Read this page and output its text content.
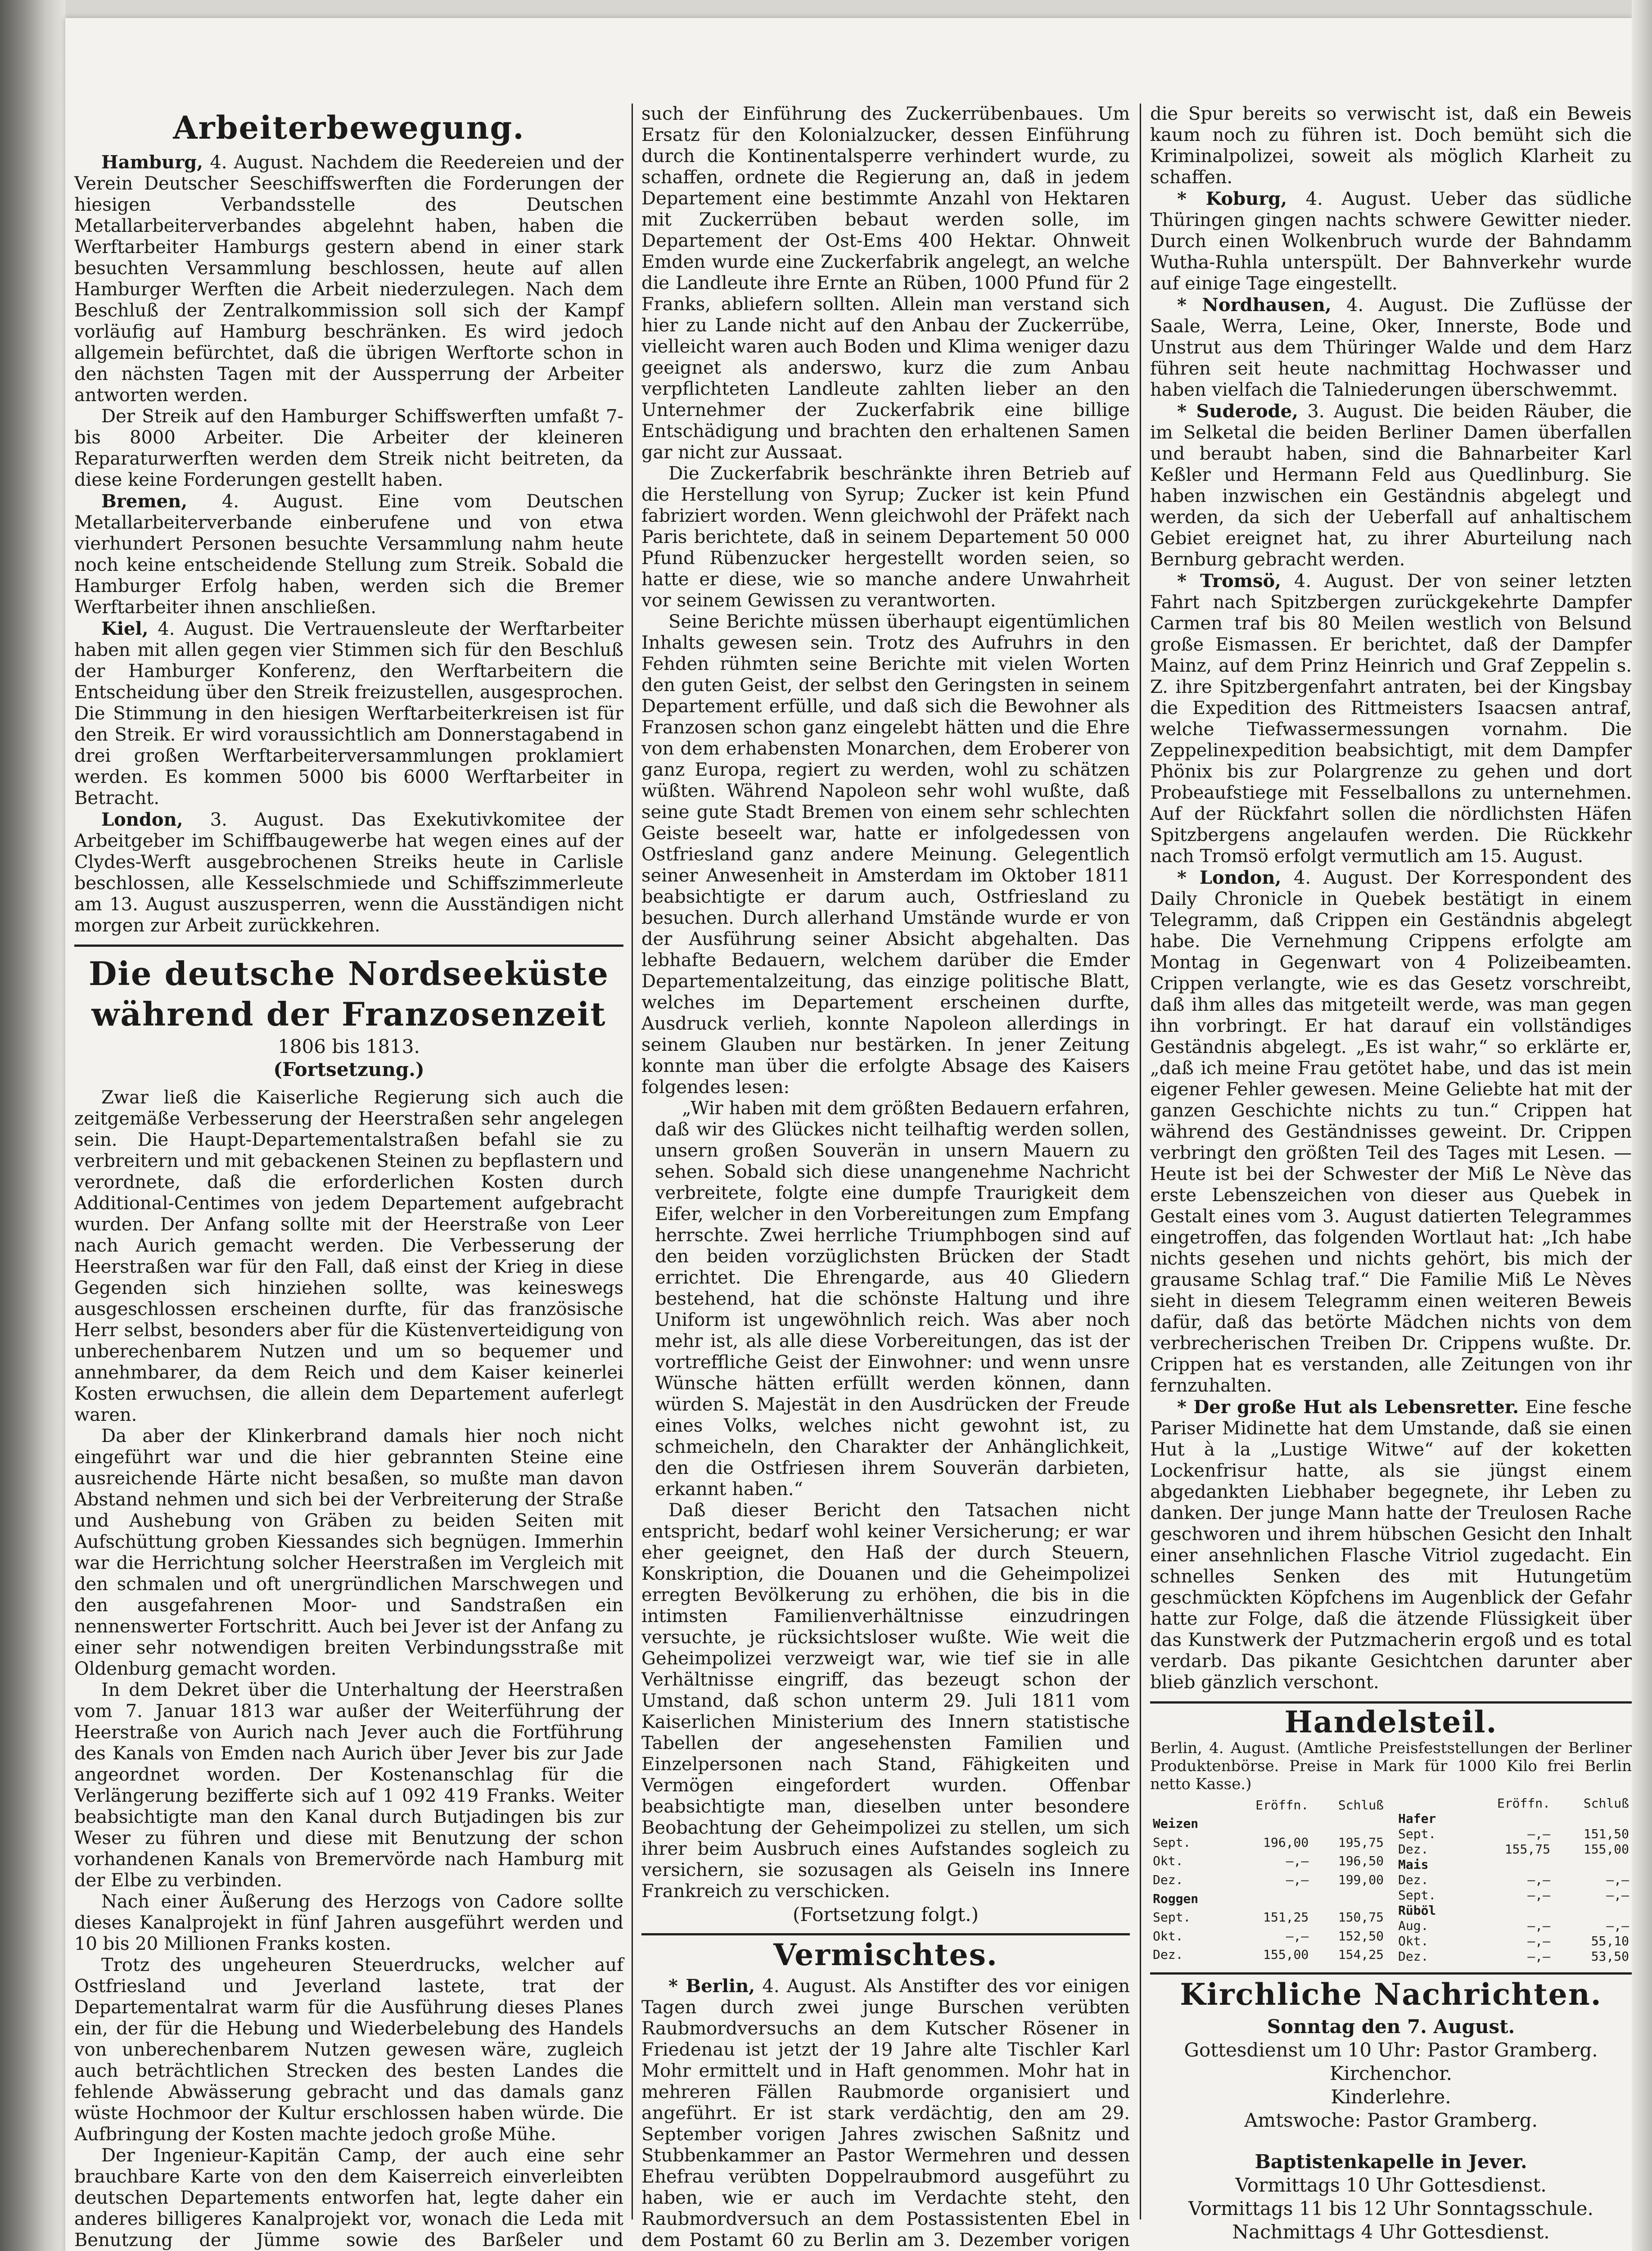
Arbeiterbewegung.

Hamburg, 4. August. Nachdem die Reedereien und der Verein Deutscher Seeschiffswerften die Forderungen der hiesigen Verbandsstelle des Deutschen Metallarbeiterverbandes abgelehnt haben, haben die Werftarbeiter Hamburgs gestern abend in einer stark besuchten Versammlung beschlossen, heute auf allen Hamburger Werften die Arbeit niederzulegen. Nach dem Beschluß der Zentralkommission soll sich der Kampf vorläufig auf Hamburg beschränken. Es wird jedoch allgemein befürchtet, daß die übrigen Werftorte schon in den nächsten Tagen mit der Aussperrung der Arbeiter antworten werden.

Der Streik auf den Hamburger Schiffswerften umfaßt 7- bis 8000 Arbeiter. Die Arbeiter der kleineren Reparaturwerften werden dem Streik nicht beitreten, da diese keine Forderungen gestellt haben.

Bremen, 4. August. Eine vom Deutschen Metallarbeiterverbande einberufene und von etwa vierhundert Personen besuchte Versammlung nahm heute noch keine entscheidende Stellung zum Streik. Sobald die Hamburger Erfolg haben, werden sich die Bremer Werftarbeiter ihnen anschließen.

Kiel, 4. August. Die Vertrauensleute der Werftarbeiter haben mit allen gegen vier Stimmen sich für den Beschluß der Hamburger Konferenz, den Werftarbeitern die Entscheidung über den Streik freizustellen, ausgesprochen. Die Stimmung in den hiesigen Werftarbeiterkreisen ist für den Streik. Er wird voraussichtlich am Donnerstagabend in drei großen Werftarbeiterversammlungen proklamiert werden. Es kommen 5000 bis 6000 Werftarbeiter in Betracht.

London, 3. August. Das Exekutivkomitee der Arbeitgeber im Schiffbaugewerbe hat wegen eines auf der Clydes-Werft ausgebrochenen Streiks heute in Carlisle beschlossen, alle Kesselschmiede und Schiffszimmerleute am 13. August auszusperren, wenn die Ausständigen nicht morgen zur Arbeit zurückkehren.

Die deutsche Nordseeküste
während der Franzosenzeit
1806 bis 1813.
(Fortsetzung.)

Zwar ließ die Kaiserliche Regierung sich auch die zeitgemäße Verbesserung der Heerstraßen sehr angelegen sein. Die Haupt-Departementalstraßen befahl sie zu verbreitern und mit gebackenen Steinen zu bepflastern und verordnete, daß die erforderlichen Kosten durch Additional-Centimes von jedem Departement aufgebracht wurden. Der Anfang sollte mit der Heerstraße von Leer nach Aurich gemacht werden. Die Verbesserung der Heerstraßen war für den Fall, daß einst der Krieg in diese Gegenden sich hinziehen sollte, was keineswegs ausgeschlossen erscheinen durfte, für das französische Herr selbst, besonders aber für die Küstenverteidigung von unberechenbarem Nutzen und um so bequemer und annehmbarer, da dem Reich und dem Kaiser keinerlei Kosten erwuchsen, die allein dem Departement auferlegt waren.

Da aber der Klinkerbrand damals hier noch nicht eingeführt war und die hier gebrannten Steine eine ausreichende Härte nicht besaßen, so mußte man davon Abstand nehmen und sich bei der Verbreiterung der Straße und Aushebung von Gräben zu beiden Seiten mit Aufschüttung groben Kiessandes sich begnügen. Immerhin war die Herrichtung solcher Heerstraßen im Vergleich mit den schmalen und oft unergründlichen Marschwegen und den ausgefahrenen Moor- und Sandstraßen ein nennenswerter Fortschritt. Auch bei Jever ist der Anfang zu einer sehr notwendigen breiten Verbindungsstraße mit Oldenburg gemacht worden.

In dem Dekret über die Unterhaltung der Heerstraßen vom 7. Januar 1813 war außer der Weiterführung der Heerstraße von Aurich nach Jever auch die Fortführung des Kanals von Emden nach Aurich über Jever bis zur Jade angeordnet worden. Der Kostenanschlag für die Verlängerung bezifferte sich auf 1 092 419 Franks. Weiter beabsichtigte man den Kanal durch Butjadingen bis zur Weser zu führen und diese mit Benutzung der schon vorhandenen Kanals von Bremervörde nach Hamburg mit der Elbe zu verbinden.

Nach einer Äußerung des Herzogs von Cadore sollte dieses Kanalprojekt in fünf Jahren ausgeführt werden und 10 bis 20 Millionen Franks kosten.

Trotz des ungeheuren Steuerdrucks, welcher auf Ostfriesland und Jeverland lastete, trat der Departementalrat warm für die Ausführung dieses Planes ein, der für die Hebung und Wiederbelebung des Handels von unberechenbarem Nutzen gewesen wäre, zugleich auch beträchtlichen Strecken des besten Landes die fehlende Abwässerung gebracht und das damals ganz wüste Hochmoor der Kultur erschlossen haben würde. Die Aufbringung der Kosten machte jedoch große Mühe.

Der Ingenieur-Kapitän Camp, der auch eine sehr brauchbare Karte von den dem Kaiserreich einverleibten deutschen Departements entworfen hat, legte daher ein anderes billigeres Kanalprojekt vor, wonach die Leda mit Benutzung der Jümme sowie des Barßeler und

such der Einführung des Zuckerrübenbaues. Um Ersatz für den Kolonialzucker, dessen Einführung durch die Kontinentalsperre verhindert wurde, zu schaffen, ordnete die Regierung an, daß in jedem Departement eine bestimmte Anzahl von Hektaren mit Zuckerrüben bebaut werden solle, im Departement der Ost-Ems 400 Hektar. Ohnweit Emden wurde eine Zuckerfabrik angelegt, an welche die Landleute ihre Ernte an Rüben, 1000 Pfund für 2 Franks, abliefern sollten. Allein man verstand sich hier zu Lande nicht auf den Anbau der Zuckerrübe, vielleicht waren auch Boden und Klima weniger dazu geeignet als anderswo, kurz die zum Anbau verpflichteten Landleute zahlten lieber an den Unternehmer der Zuckerfabrik eine billige Entschädigung und brachten den erhaltenen Samen gar nicht zur Aussaat.

Die Zuckerfabrik beschränkte ihren Betrieb auf die Herstellung von Syrup; Zucker ist kein Pfund fabriziert worden. Wenn gleichwohl der Präfekt nach Paris berichtete, daß in seinem Departement 50 000 Pfund Rübenzucker hergestellt worden seien, so hatte er diese, wie so manche andere Unwahrheit vor seinem Gewissen zu verantworten.

Seine Berichte müssen überhaupt eigentümlichen Inhalts gewesen sein. Trotz des Aufruhrs in den Fehden rühmten seine Berichte mit vielen Worten den guten Geist, der selbst den Geringsten in seinem Departement erfülle, und daß sich die Bewohner als Franzosen schon ganz eingelebt hätten und die Ehre von dem erhabensten Monarchen, dem Eroberer von ganz Europa, regiert zu werden, wohl zu schätzen wüßten. Während Napoleon sehr wohl wußte, daß seine gute Stadt Bremen von einem sehr schlechten Geiste beseelt war, hatte er infolgedessen von Ostfriesland ganz andere Meinung. Gelegentlich seiner Anwesenheit in Amsterdam im Oktober 1811 beabsichtigte er darum auch, Ostfriesland zu besuchen. Durch allerhand Umstände wurde er von der Ausführung seiner Absicht abgehalten. Das lebhafte Bedauern, welchem darüber die Emder Departementalzeitung, das einzige politische Blatt, welches im Departement erscheinen durfte, Ausdruck verlieh, konnte Napoleon allerdings in seinem Glauben nur bestärken. In jener Zeitung konnte man über die erfolgte Absage des Kaisers folgendes lesen:

„Wir haben mit dem größten Bedauern erfahren, daß wir des Glückes nicht teilhaftig werden sollen, unsern großen Souverän in unsern Mauern zu sehen. Sobald sich diese unangenehme Nachricht verbreitete, folgte eine dumpfe Traurigkeit dem Eifer, welcher in den Vorbereitungen zum Empfang herrschte. Zwei herrliche Triumphbogen sind auf den beiden vorzüglichsten Brücken der Stadt errichtet. Die Ehrengarde, aus 40 Gliedern bestehend, hat die schönste Haltung und ihre Uniform ist ungewöhnlich reich. Was aber noch mehr ist, als alle diese Vorbereitungen, das ist der vortreffliche Geist der Einwohner: und wenn unsre Wünsche hätten erfüllt werden können, dann würden S. Majestät in den Ausdrücken der Freude eines Volks, welches nicht gewohnt ist, zu schmeicheln, den Charakter der Anhänglichkeit, den die Ostfriesen ihrem Souverän darbieten, erkannt haben.“

Daß dieser Bericht den Tatsachen nicht entspricht, bedarf wohl keiner Versicherung; er war eher geeignet, den Haß der durch Steuern, Konskription, die Douanen und die Geheimpolizei erregten Bevölkerung zu erhöhen, die bis in die intimsten Familienverhältnisse einzudringen versuchte, je rücksichtsloser wußte. Wie weit die Geheimpolizei verzweigt war, wie tief sie in alle Verhältnisse eingriff, das bezeugt schon der Umstand, daß schon unterm 29. Juli 1811 vom Kaiserlichen Ministerium des Innern statistische Tabellen der angesehensten Familien und Einzelpersonen nach Stand, Fähigkeiten und Vermögen eingefordert wurden. Offenbar beabsichtigte man, dieselben unter besondere Beobachtung der Geheimpolizei zu stellen, um sich ihrer beim Ausbruch eines Aufstandes sogleich zu versichern, sie sozusagen als Geiseln ins Innere Frankreich zu verschicken.

(Fortsetzung folgt.)
Vermischtes.

* Berlin, 4. August. Als Anstifter des vor einigen Tagen durch zwei junge Burschen verübten Raubmordversuchs an dem Kutscher Rösener in Friedenau ist jetzt der 19 Jahre alte Tischler Karl Mohr ermittelt und in Haft genommen. Mohr hat in mehreren Fällen Raubmorde organisiert und angeführt. Er ist stark verdächtig, den am 29. September vorigen Jahres zwischen Saßnitz und Stubbenkammer an Pastor Wermehren und dessen Ehefrau verübten Doppelraubmord ausgeführt zu haben, wie er auch im Verdachte steht, den Raubmordversuch an dem Postassistenten Ebel in dem Postamt 60 zu Berlin am 3. Dezember vorigen

die Spur bereits so verwischt ist, daß ein Beweis kaum noch zu führen ist. Doch bemüht sich die Kriminalpolizei, soweit als möglich Klarheit zu schaffen.

* Koburg, 4. August. Ueber das südliche Thüringen gingen nachts schwere Gewitter nieder. Durch einen Wolkenbruch wurde der Bahndamm Wutha-Ruhla unterspült. Der Bahnverkehr wurde auf einige Tage eingestellt.

* Nordhausen, 4. August. Die Zuflüsse der Saale, Werra, Leine, Oker, Innerste, Bode und Unstrut aus dem Thüringer Walde und dem Harz führen seit heute nachmittag Hochwasser und haben vielfach die Talniederungen überschwemmt.

* Suderode, 3. August. Die beiden Räuber, die im Selketal die beiden Berliner Damen überfallen und beraubt haben, sind die Bahnarbeiter Karl Keßler und Hermann Feld aus Quedlinburg. Sie haben inzwischen ein Geständnis abgelegt und werden, da sich der Ueberfall auf anhaltischem Gebiet ereignet hat, zu ihrer Aburteilung nach Bernburg gebracht werden.

* Tromsö, 4. August. Der von seiner letzten Fahrt nach Spitzbergen zurückgekehrte Dampfer Carmen traf bis 80 Meilen westlich von Belsund große Eismassen. Er berichtet, daß der Dampfer Mainz, auf dem Prinz Heinrich und Graf Zeppelin s. Z. ihre Spitzbergenfahrt antraten, bei der Kingsbay die Expedition des Rittmeisters Isaacsen antraf, welche Tiefwassermessungen vornahm. Die Zeppelinexpedition beabsichtigt, mit dem Dampfer Phönix bis zur Polargrenze zu gehen und dort Probeaufstiege mit Fesselballons zu unternehmen. Auf der Rückfahrt sollen die nördlichsten Häfen Spitzbergens angelaufen werden. Die Rückkehr nach Tromsö erfolgt vermutlich am 15. August.

* London, 4. August. Der Korrespondent des Daily Chronicle in Quebek bestätigt in einem Telegramm, daß Crippen ein Geständnis abgelegt habe. Die Vernehmung Crippens erfolgte am Montag in Gegenwart von 4 Polizeibeamten. Crippen verlangte, wie es das Gesetz vorschreibt, daß ihm alles das mitgeteilt werde, was man gegen ihn vorbringt. Er hat darauf ein vollständiges Geständnis abgelegt. „Es ist wahr,“ so erklärte er, „daß ich meine Frau getötet habe, und das ist mein eigener Fehler gewesen. Meine Geliebte hat mit der ganzen Geschichte nichts zu tun.“ Crippen hat während des Geständnisses geweint. Dr. Crippen verbringt den größten Teil des Tages mit Lesen. — Heute ist bei der Schwester der Miß Le Nève das erste Lebenszeichen von dieser aus Quebek in Gestalt eines vom 3. August datierten Telegrammes eingetroffen, das folgenden Wortlaut hat: „Ich habe nichts gesehen und nichts gehört, bis mich der grausame Schlag traf.“ Die Familie Miß Le Nèves sieht in diesem Telegramm einen weiteren Beweis dafür, daß das betörte Mädchen nichts von dem verbrecherischen Treiben Dr. Crippens wußte. Dr. Crippen hat es verstanden, alle Zeitungen von ihr fernzuhalten.

* Der große Hut als Lebensretter. Eine fesche Pariser Midinette hat dem Umstande, daß sie einen Hut à la „Lustige Witwe“ auf der koketten Lockenfrisur hatte, als sie jüngst einem abgedankten Liebhaber begegnete, ihr Leben zu danken. Der junge Mann hatte der Treulosen Rache geschworen und ihrem hübschen Gesicht den Inhalt einer ansehnlichen Flasche Vitriol zugedacht. Ein schnelles Senken des mit Hutungetüm geschmückten Köpfchens im Augenblick der Gefahr hatte zur Folge, daß die ätzende Flüssigkeit über das Kunstwerk der Putzmacherin ergoß und es total verdarb. Das pikante Gesichtchen darunter aber blieb gänzlich verschont.

Handelsteil.
Berlin, 4. August. (Amtliche Preisfeststellungen der Berliner Produktenbörse. Preise in Mark für 1000 Kilo frei Berlin netto Kasse.)
	Eröffn.	Schluß
Weizen		
Sept.	196,00	195,75
Okt.	—,—	196,50
Dez.	—,—	199,00

Roggen		
Sept.	151,25	150,75
Okt.	—,—	152,50
Dez.	155,00	154,25
	Eröffn.	Schluß
Hafer		
Sept.	—,—	151,50
Dez.	155,75	155,00
Mais		
Dez.	—,—	—,—
Sept.	—,—	—,—
Rüböl		
Aug.	—,—	—,—
Okt.	—,—	55,10
Dez.	—,—	53,50
Kirchliche Nachrichten.
Sonntag den 7. August.
Gottesdienst um 10 Uhr: Pastor Gramberg.
Kirchenchor.
Kinderlehre.
Amtswoche: Pastor Gramberg.
Baptistenkapelle in Jever.
Vormittags 10 Uhr Gottesdienst.
Vormittags 11 bis 12 Uhr Sonntagsschule.
Nachmittags 4 Uhr Gottesdienst.
